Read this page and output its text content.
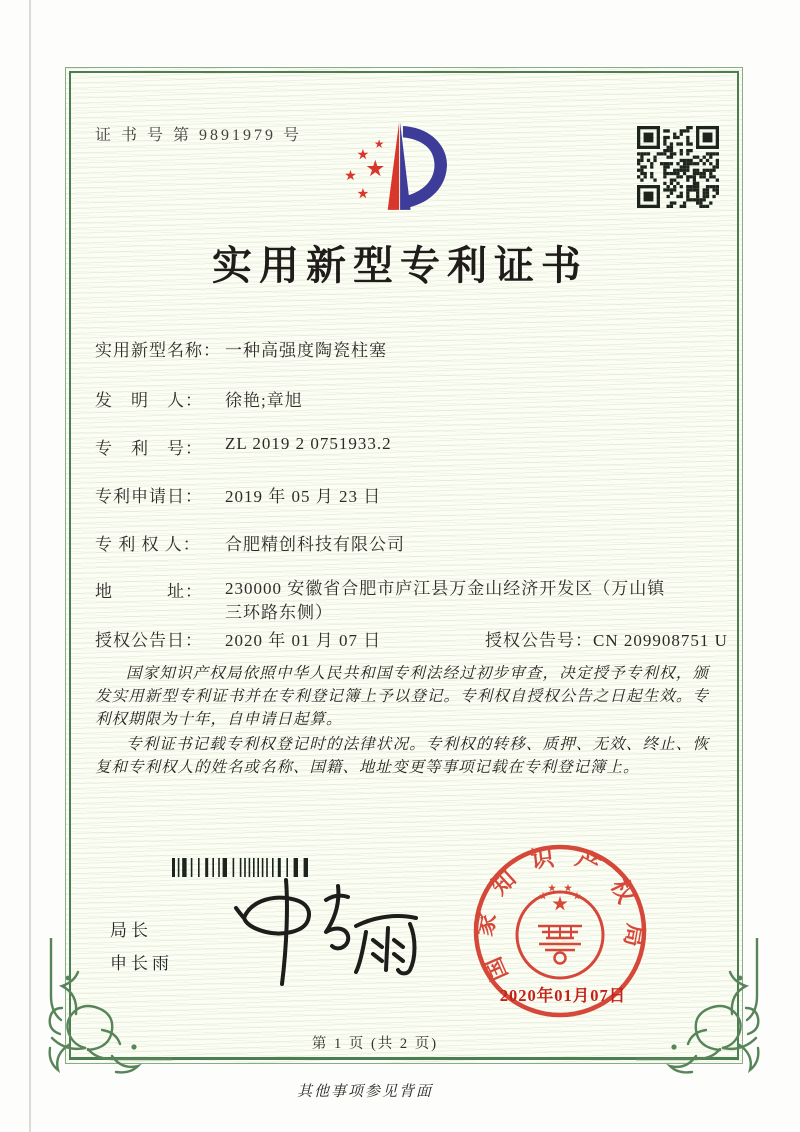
证 书 号 第 9891979 号
实用新型专利证书
实用新型名称： 一种高强度陶瓷柱塞
发　明　人： 徐艳;章旭
专　利　号： ZL 2019 2 0751933.2
专利申请日： 2019 年 05 月 23 日
专 利 权 人： 合肥精创科技有限公司
地　　　址： 230000 安徽省合肥市庐江县万金山经济开发区（万山镇
三环路东侧）
授权公告日： 2020 年 01 月 07 日	授权公告号：CN 209908751 U

国家知识产权局依照中华人民共和国专利法经过初步审查，决定授予专利权，颁发实用新型专利证书并在专利登记簿上予以登记。专利权自授权公告之日起生效。专利权期限为十年，自申请日起算。

专利证书记载专利权登记时的法律状况。专利权的转移、质押、无效、终止、恢复和专利权人的姓名或名称、国籍、地址变更等事项记载在专利登记簿上。

局长
申长雨	国家知识产权局
2020年01月07日
第 1 页 (共 2 页)
其他事项参见背面
